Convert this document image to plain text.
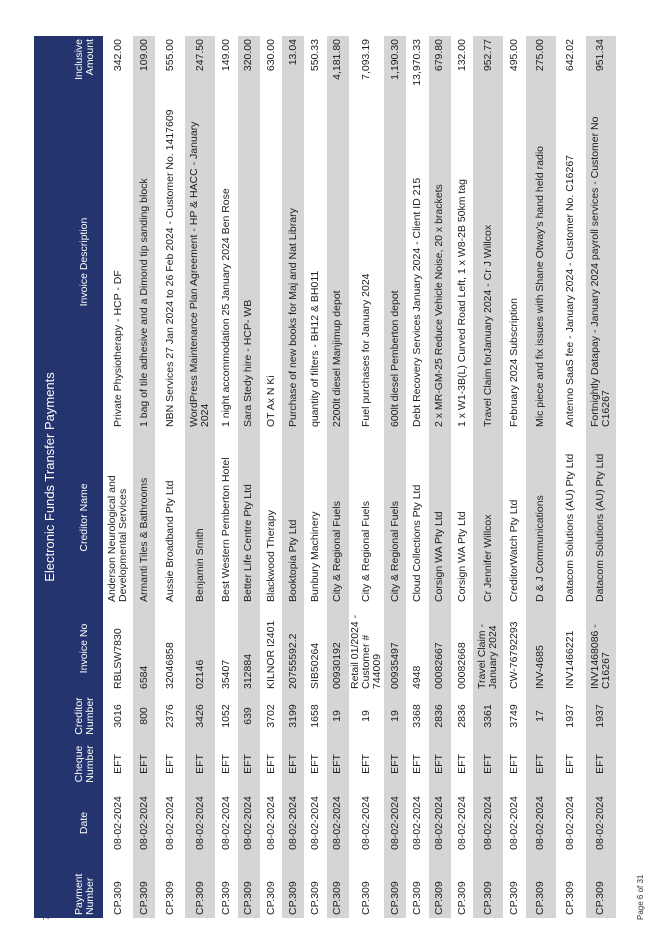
Page 6 of 31
Electronic Funds Transfer Payments
Payment Number	Date	Cheque Number	Creditor Number	Invoice No	Creditor Name	Invoice Description	Inclusive Amount
CP.309	08-02-2024	EFT	3016	RBLSW7830	Anderson Neurological and Developmental Services	Private Physiotherapy - HCP - DF	342.00
CP.309	08-02-2024	EFT	800	6584	Armanti Tiles & Bathrooms	1 bag of tile adhesive and a Dimond tip sanding block	109.00
CP.309	08-02-2024	EFT	2376	32046858	Aussie Broadband Pty Ltd	NBN Services 27 Jan 2024 to 26 Feb 2024 - Customer No. 1417609	555.00
CP.309	08-02-2024	EFT	3426	02146	Benjamin Smith	WordPress Maintenance Plan Agreement - HP & HACC - January 2024	247.50
CP.309	08-02-2024	EFT	1052	35407	Best Western Pemberton Hotel	1 night accommodation 25 January 2024 Ben Rose	149.00
CP.309	08-02-2024	EFT	639	312884	Better Life Centre Pty Ltd	Sara Stedy hire - HCP- WB	320.00
CP.309	08-02-2024	EFT	3702	KILNOR I2401	Blackwood Therapy	OT Ax N Ki	630.00
CP.309	08-02-2024	EFT	3199	20755592.2	Booktopia Pty Ltd	Purchase of new books for Maj and Nat Library	13.04
CP.309	08-02-2024	EFT	1658	SIB50264	Bunbury Machinery	quantity of filters - BH12 & BH011	550.33
CP.309	08-02-2024	EFT	19	00930192	City & Regional Fuels	2200lt diesel Manjimup depot	4,181.80
CP.309	08-02-2024	EFT	19	Retail 01/2024 - Customer # 744009	City & Regional Fuels	Fuel purchases for January 2024	7,093.19
CP.309	08-02-2024	EFT	19	00935497	City & Regional Fuels	600lt diesel Pemberton depot	1,190.30
CP.309	08-02-2024	EFT	3368	4948	Cloud Collections Pty Ltd	Debt Recovery Services January 2024 - Client ID 215	13,970.33
CP.309	08-02-2024	EFT	2836	00082667	Corsign WA Pty Ltd	2 x MR-GM-25 Reduce Vehicle Noise, 20 x brackets	679.80
CP.309	08-02-2024	EFT	2836	00082668	Corsign WA Pty Ltd	1 x W1-3B(L) Curved Road Left, 1 x W8-2B 50km tag	132.00
CP.309	08-02-2024	EFT	3361	Travel Claim - January 2024	Cr Jennifer Willcox	Travel Claim forJanuary 2024 - Cr J Willcox	952.77
CP.309	08-02-2024	EFT	3749	CW-76792293	CreditorWatch Pty Ltd	February 2024 Subscription	495.00
CP.309	08-02-2024	EFT	17	INV-4685	D & J Communications	Mic piece and fix issues with Shane Otway's hand held radio	275.00
CP.309	08-02-2024	EFT	1937	INV1466221	Datacom Solutions (AU) Pty Ltd	Antenno SaaS fee - January 2024 - Customer No. C16267	642.02
CP.309	08-02-2024	EFT	1937	INV1468086 - C16267	Datacom Solutions (AU) Pty Ltd	Fortnightly Datapay - January 2024 payroll services - Customer No C16267	951.34
